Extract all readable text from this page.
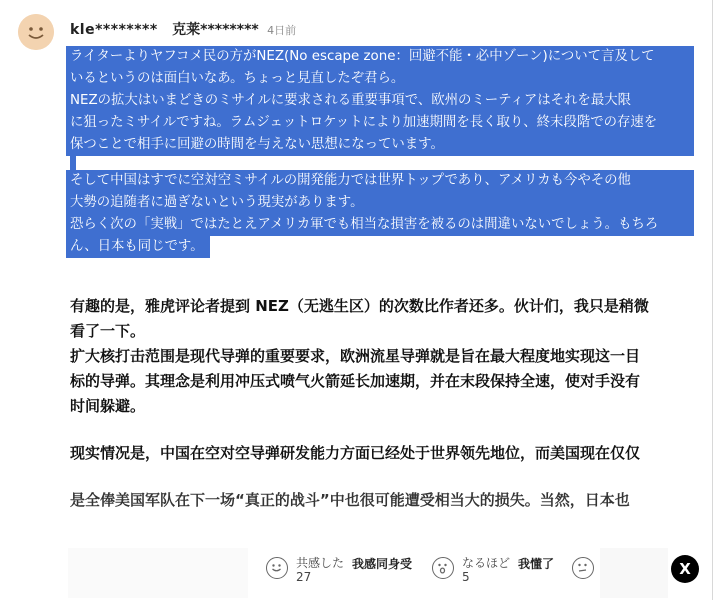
kle******** 克莱******** 4日前
ライターよりヤフコメ民の方がNEZ(No escape zone：回避不能・必中ゾーン)について言及して
いるというのは面白いなあ。ちょっと見直したぞ君ら。
NEZの拡大はいまどきのミサイルに要求される重要事項で、欧州のミーティアはそれを最大限
に狙ったミサイルですね。ラムジェットロケットにより加速期間を長く取り、終末段階での存速を
保つことで相手に回避の時間を与えない思想になっています。
そして中国はすでに空対空ミサイルの開発能力では世界トップであり、アメリカも今やその他
大勢の追随者に過ぎないという現実があります。
恐らく次の「実戦」ではたとえアメリカ軍でも相当な損害を被るのは間違いないでしょう。もちろ
ん、日本も同じです。

有趣的是，雅虎评论者提到 NEZ（无逃生区）的次数比作者还多。伙计们，我只是稍微

看了一下。

扩大核打击范围是现代导弹的重要要求，欧洲流星导弹就是旨在最大程度地实现这一目

标的导弹。其理念是利用冲压式喷气火箭延长加速期，并在末段保持全速，使对手没有

时间躲避。

现实情况是，中国在空对空导弹研发能力方面已经处于世界领先地位，而美国现在仅仅

是全俸美国军队在下一场“真正的战斗”中也很可能遭受相当大的损失。当然，日本也

共感した
27
我感同身受	なるほど
5
我懂了	X
